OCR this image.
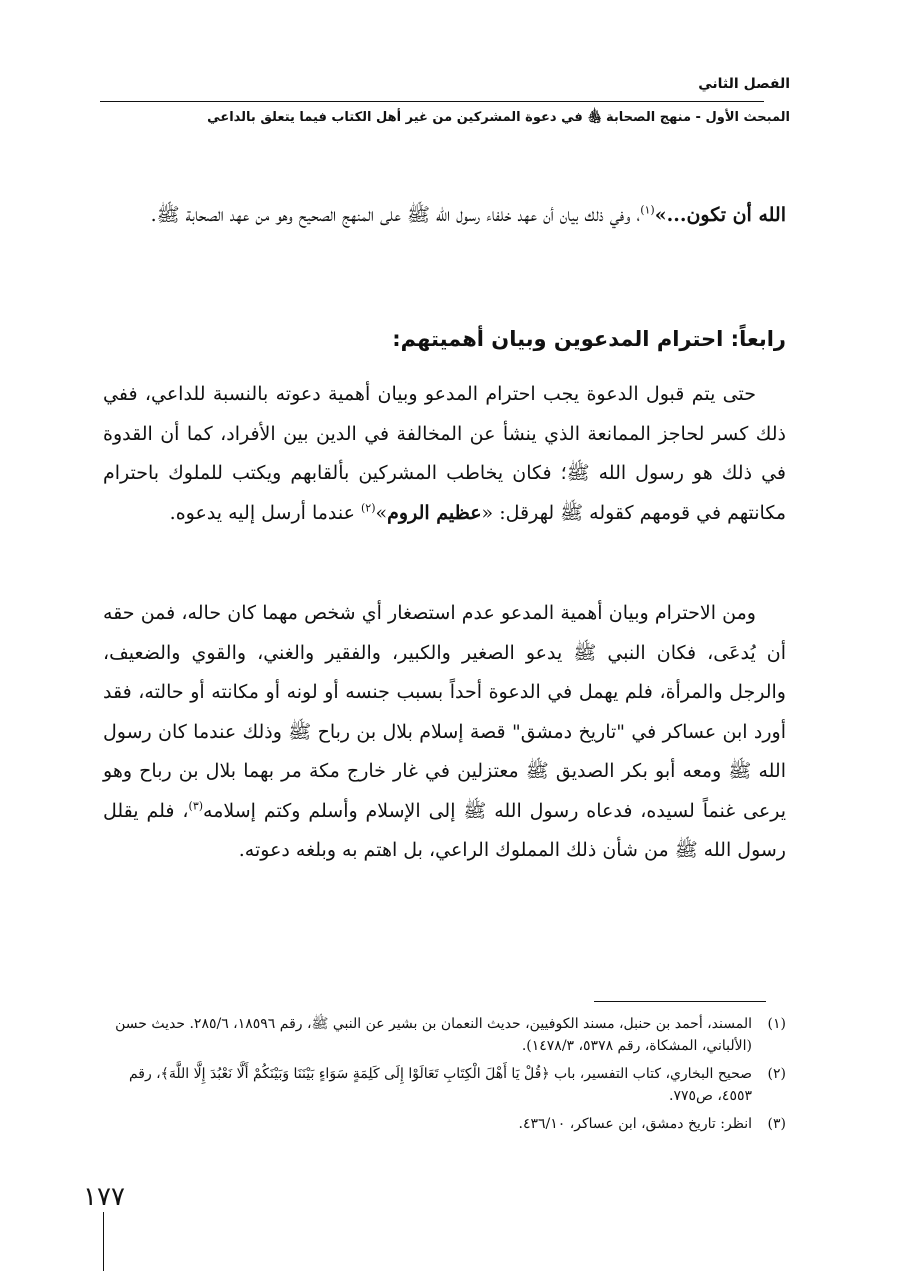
الفصل الثاني
المبحث الأول - منهج الصحابة ﵃ في دعوة المشركين من غير أهل الكتاب فيما يتعلق بالداعي

الله أن تكون...»$^{(١)}$، وفي ذلك بيان أن عهد خلفاء رسول الله ﷺ على المنهج الصحيح وهو من عهد الصحابة ﷺ.

رابعاً: احترام المدعوين وبيان أهميتهم:

حتى يتم قبول الدعوة يجب احترام المدعو وبيان أهمية دعوته بالنسبة للداعي، ففي ذلك كسر لحاجز الممانعة الذي ينشأ عن المخالفة في الدين بين الأفراد، كما أن القدوة في ذلك هو رسول الله ﷺ؛ فكان يخاطب المشركين بألقابهم ويكتب للملوك باحترام مكانتهم في قومهم كقوله ﷺ لهرقل: «عظيم الروم»$^{(٢)}$ عندما أرسل إليه يدعوه.

ومن الاحترام وبيان أهمية المدعو عدم استصغار أي شخص مهما كان حاله، فمن حقه أن يُدعَى، فكان النبي ﷺ يدعو الصغير والكبير، والفقير والغني، والقوي والضعيف، والرجل والمرأة، فلم يهمل في الدعوة أحداً بسبب جنسه أو لونه أو مكانته أو حالته، فقد أورد ابن عساكر في "تاريخ دمشق" قصة إسلام بلال بن رباح ﷺ وذلك عندما كان رسول الله ﷺ ومعه أبو بكر الصديق ﷺ معتزلين في غار خارج مكة مر بهما بلال بن رباح وهو يرعى غنماً لسيده، فدعاه رسول الله ﷺ إلى الإسلام وأسلم وكتم إسلامه$^{(٣)}$، فلم يقلل رسول الله ﷺ من شأن ذلك المملوك الراعي، بل اهتم به وبلغه دعوته.

(١)
المسند، أحمد بن حنبل، مسند الكوفيين، حديث النعمان بن بشير عن النبي ﷺ، رقم ١٨٥٩٦، ٢٨٥/٦. حديث حسن (الألباني، المشكاة، رقم ٥٣٧٨، ١٤٧٨/٣).
(٢)
صحيح البخاري، كتاب التفسير، باب ﴿قُلْ يَا أَهْلَ الْكِتَابِ تَعَالَوْا إِلَى كَلِمَةٍ سَوَاءٍ بَيْنَنَا وَبَيْنَكُمْ أَلَّا نَعْبُدَ إِلَّا اللَّهَ﴾، رقم ٤٥٥٣، ص٧٧٥.
(٣)
انظر: تاريخ دمشق، ابن عساكر، ٤٣٦/١٠.
١٧٧
